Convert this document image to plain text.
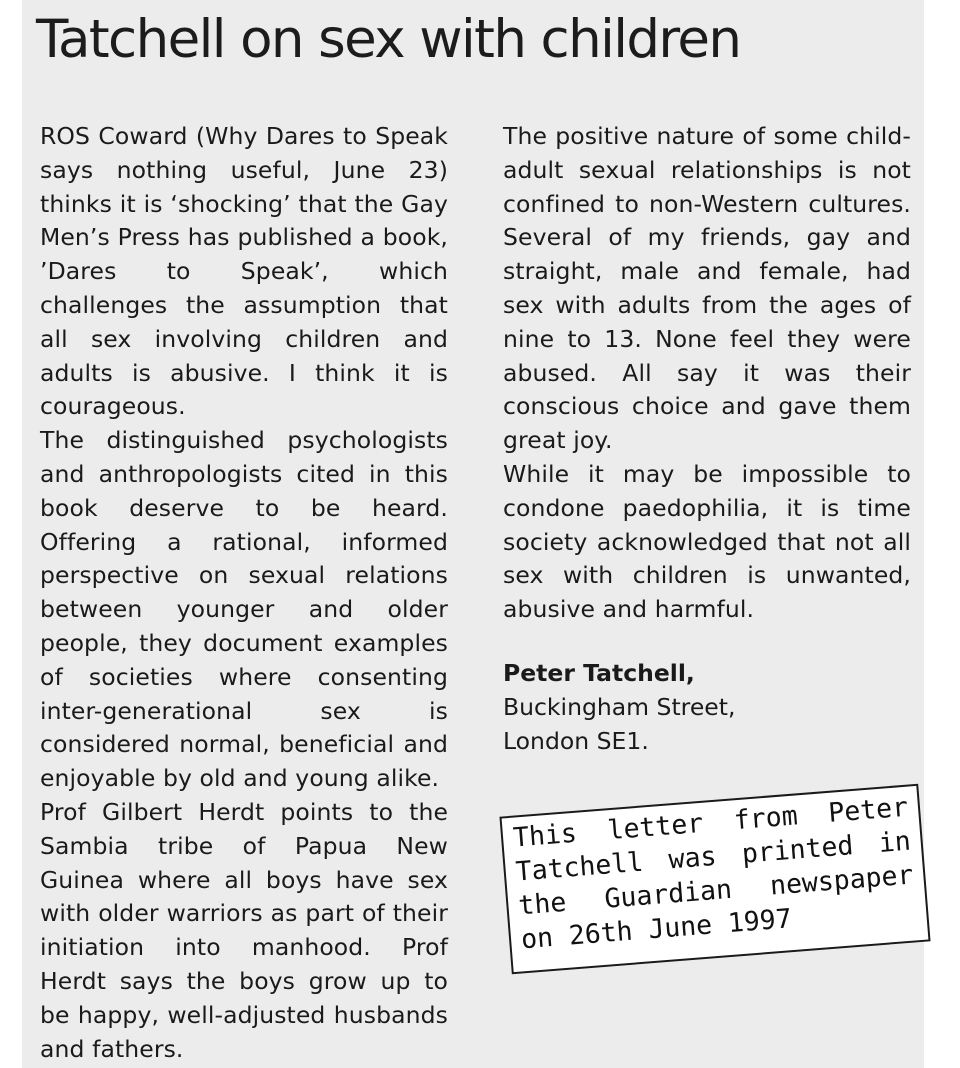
Tatchell on sex with children

ROS Coward (Why Dares to Speak says nothing useful, June 23) thinks it is ‘shocking’ that the Gay Men’s Press has published a book, ’Dares to Speak’, which challenges the assumption that all sex involving children and adults is abusive. I think it is courageous.

The distinguished psychologists and anthropologists cited in this book deserve to be heard. Offering a rational, informed perspective on sexual relations between younger and older people, they document examples of societies where consenting inter-generational sex is considered normal, beneficial and enjoyable by old and young alike.

Prof Gilbert Herdt points to the Sambia tribe of Papua New Guinea where all boys have sex with older warriors as part of their initiation into manhood. Prof Herdt says the boys grow up to be happy, well-adjusted husbands and fathers.

The positive nature of some child-adult sexual relationships is not confined to non-Western cultures. Several of my friends, gay and straight, male and female, had sex with adults from the ages of nine to 13. None feel they were abused. All say it was their conscious choice and gave them great joy.

While it may be impossible to condone paedophilia, it is time society acknowledged that not all sex with children is unwanted, abusive and harmful.

Peter Tatchell,
Buckingham Street,
London SE1.
This letter from Peter Tatchell was printed in the Guardian newspaper on 26th June 1997
